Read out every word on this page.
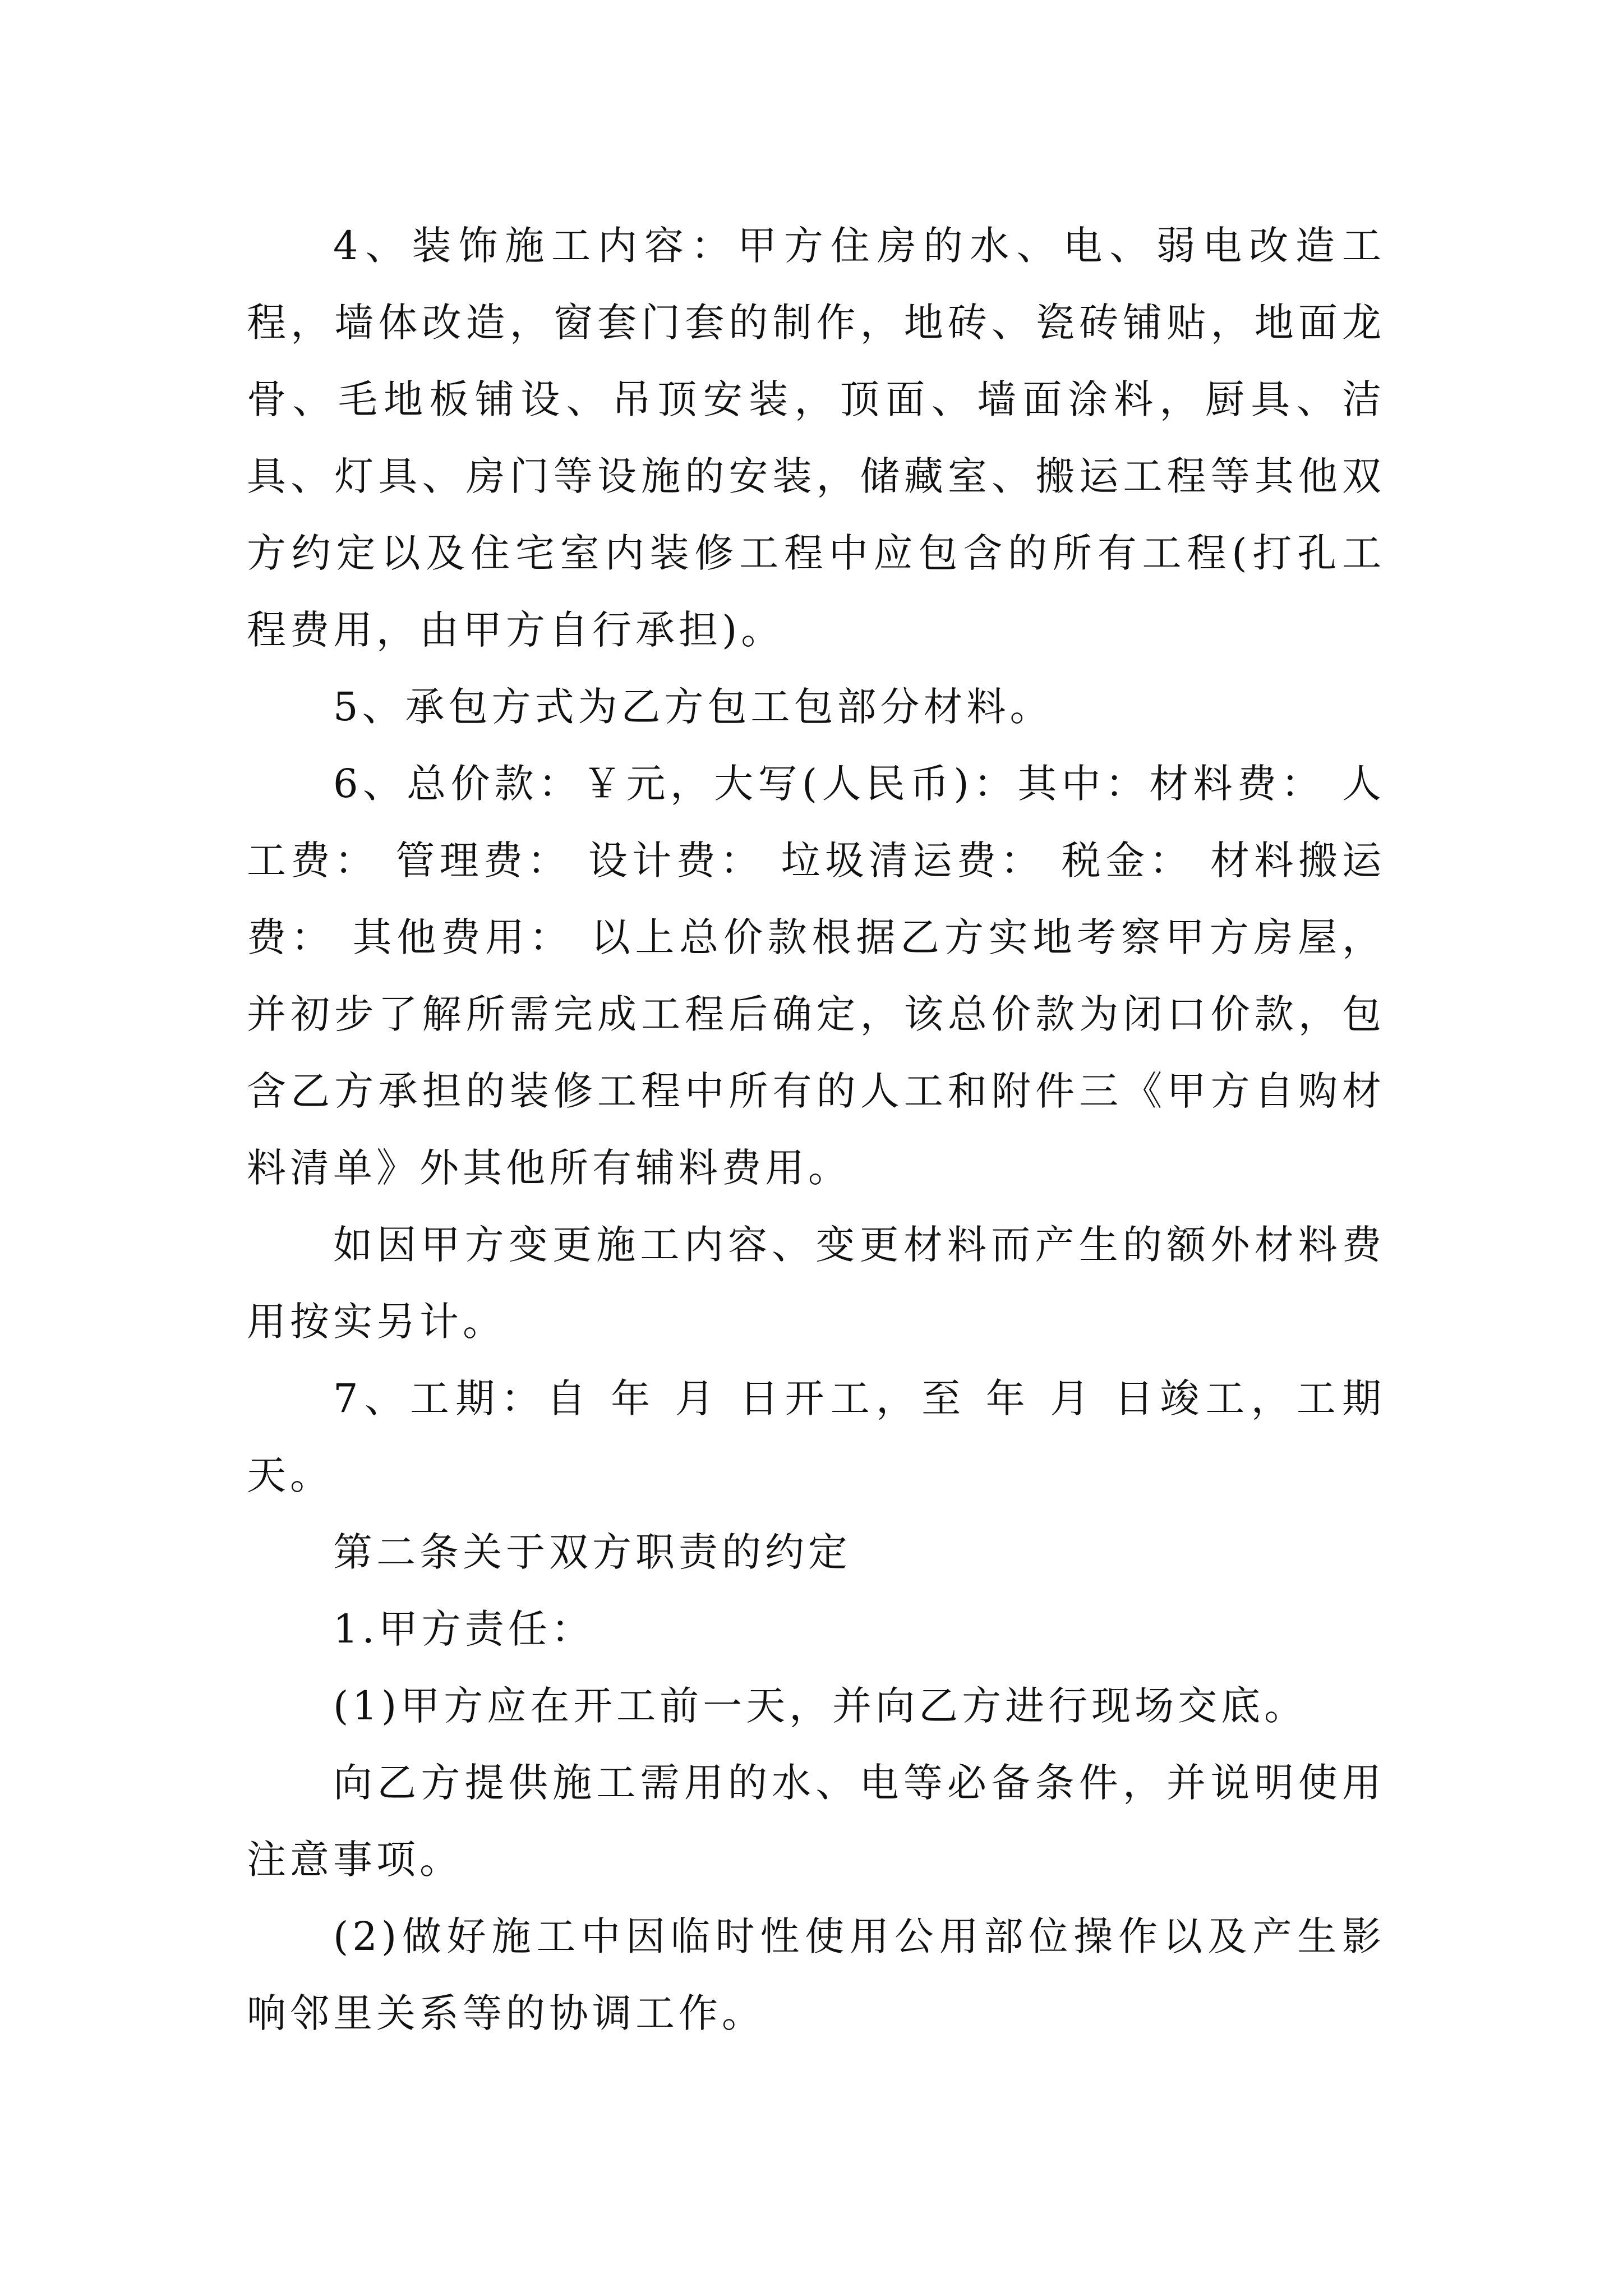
4、装饰施工内容：甲方住房的水、电、弱电改造工程，墙体改造，窗套门套的制作，地砖、瓷砖铺贴，地面龙骨、毛地板铺设、吊顶安装，顶面、墙面涂料，厨具、洁具、灯具、房门等设施的安装，储藏室、搬运工程等其他双方约定以及住宅室内装修工程中应包含的所有工程(打孔工程费用，由甲方自行承担)。

5、承包方式为乙方包工包部分材料。

6、总价款：￥元，大写(人民币)：其中：材料费： 人工费： 管理费： 设计费： 垃圾清运费： 税金： 材料搬运费： 其他费用： 以上总价款根据乙方实地考察甲方房屋，并初步了解所需完成工程后确定，该总价款为闭口价款，包含乙方承担的装修工程中所有的人工和附件三《甲方自购材料清单》外其他所有辅料费用。

如因甲方变更施工内容、变更材料而产生的额外材料费用按实另计。

7、工期：自 年 月 日开工，至 年 月 日竣工，工期 天。

第二条关于双方职责的约定

1.甲方责任：

(1)甲方应在开工前一天，并向乙方进行现场交底。

向乙方提供施工需用的水、电等必备条件，并说明使用注意事项。

(2)做好施工中因临时性使用公用部位操作以及产生影响邻里关系等的协调工作。
